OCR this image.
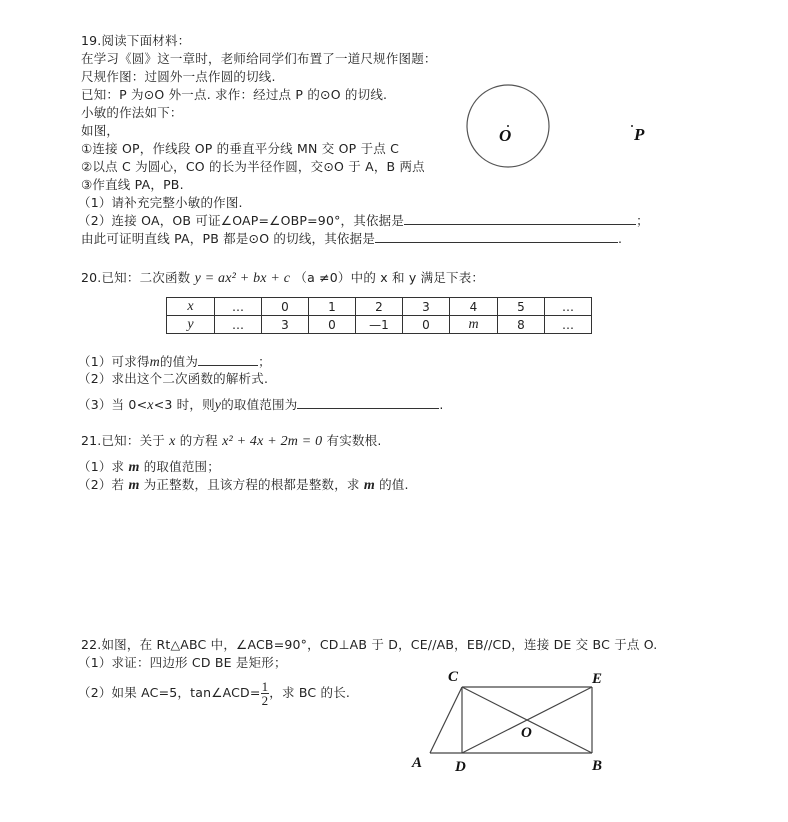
19.阅读下面材料：
在学习《圆》这一章时，老师给同学们布置了一道尺规作图题：
尺规作图：过圆外一点作圆的切线.
已知：P 为⊙O 外一点. 求作：经过点 P 的⊙O 的切线.
小敏的作法如下：
如图，
①连接 OP，作线段 OP 的垂直平分线 MN 交 OP 于点 C
②以点 C 为圆心，CO 的长为半径作圆，交⊙O 于 A，B 两点
③作直线 PA，PB.
（1）请补充完整小敏的作图.
（2）连接 OA，OB 可证∠OAP=∠OBP=90°，其依据是	；
由此可证明直线 PA，PB 都是⊙O 的切线，其依据是	.
O	P
20.已知：二次函数 y = ax² + bx + c （a ≠0）中的 x 和 y 满足下表：
x	…	0	1	2	3	4	5	…
y	…	3	0	—1	0	m	8	…
（1）可求得m的值为	；
（2）求出这个二次函数的解析式.
（3）当 0<x<3 时，则y的取值范围为	.
21.已知：关于 x 的方程 x² + 4x + 2m = 0 有实数根.
（1）求 m 的取值范围；
（2）若 m 为正整数，且该方程的根都是整数，求 m 的值.
22.如图，在 Rt△ABC 中，∠ACB=90°，CD⊥AB 于 D，CE//AB，EB//CD，连接 DE 交 BC 于点 O.
（1）求证：四边形 CD BE 是矩形；
（2）如果 AC=5，tan∠ACD= $\frac{1}{2}$ ，求 BC 的长.
C	E
O
A D	B
